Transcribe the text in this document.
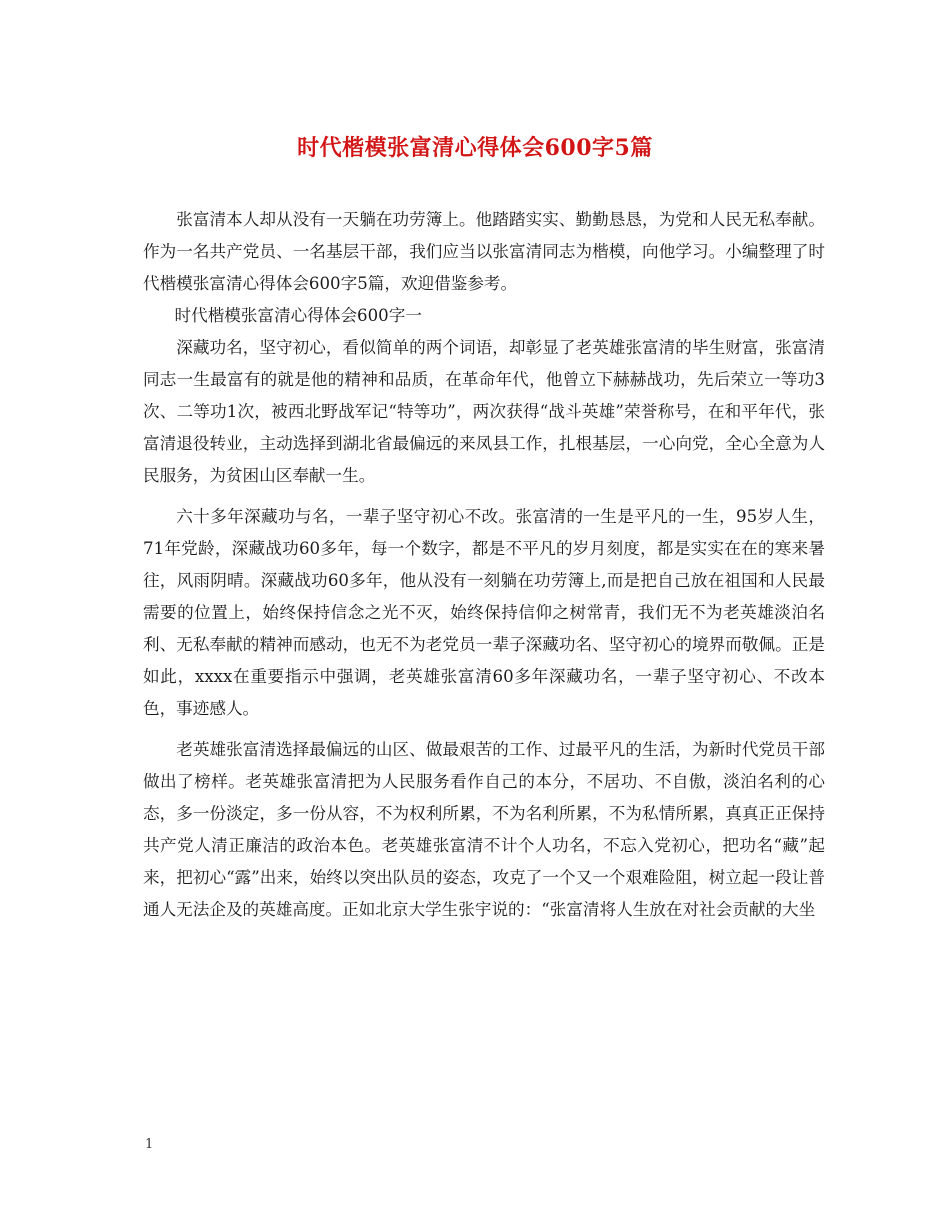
时代楷模张富清心得体会600字5篇

张富清本人却从没有一天躺在功劳簿上。他踏踏实实、勤勤恳恳，为党和人民无私奉献。作为一名共产党员、一名基层干部，我们应当以张富清同志为楷模，向他学习。小编整理了时代楷模张富清心得体会600字5篇，欢迎借鉴参考。

时代楷模张富清心得体会600字一

深藏功名，坚守初心，看似简单的两个词语，却彰显了老英雄张富清的毕生财富，张富清同志一生最富有的就是他的精神和品质，在革命年代，他曾立下赫赫战功，先后荣立一等功3次、二等功1次，被西北野战军记“特等功”，两次获得“战斗英雄”荣誉称号，在和平年代，张富清退役转业，主动选择到湖北省最偏远的来凤县工作，扎根基层，一心向党，全心全意为人民服务，为贫困山区奉献一生。

六十多年深藏功与名，一辈子坚守初心不改。张富清的一生是平凡的一生，95岁人生，71年党龄，深藏战功60多年，每一个数字，都是不平凡的岁月刻度，都是实实在在的寒来暑往，风雨阴晴。深藏战功60多年，他从没有一刻躺在功劳簿上,而是把自己放在祖国和人民最需要的位置上，始终保持信念之光不灭，始终保持信仰之树常青，我们无不为老英雄淡泊名利、无私奉献的精神而感动，也无不为老党员一辈子深藏功名、坚守初心的境界而敬佩。正是如此，xxxx在重要指示中强调，老英雄张富清60多年深藏功名，一辈子坚守初心、不改本色，事迹感人。

老英雄张富清选择最偏远的山区、做最艰苦的工作、过最平凡的生活，为新时代党员干部做出了榜样。老英雄张富清把为人民服务看作自己的本分，不居功、不自傲，淡泊名利的心态，多一份淡定，多一份从容，不为权利所累，不为名利所累，不为私情所累，真真正正保持共产党人清正廉洁的政治本色。老英雄张富清不计个人功名，不忘入党初心，把功名“藏”起来，把初心“露”出来，始终以突出队员的姿态，攻克了一个又一个艰难险阻，树立起一段让普通人无法企及的英雄高度。正如北京大学生张宇说的：“张富清将人生放在对社会贡献的大坐

1
